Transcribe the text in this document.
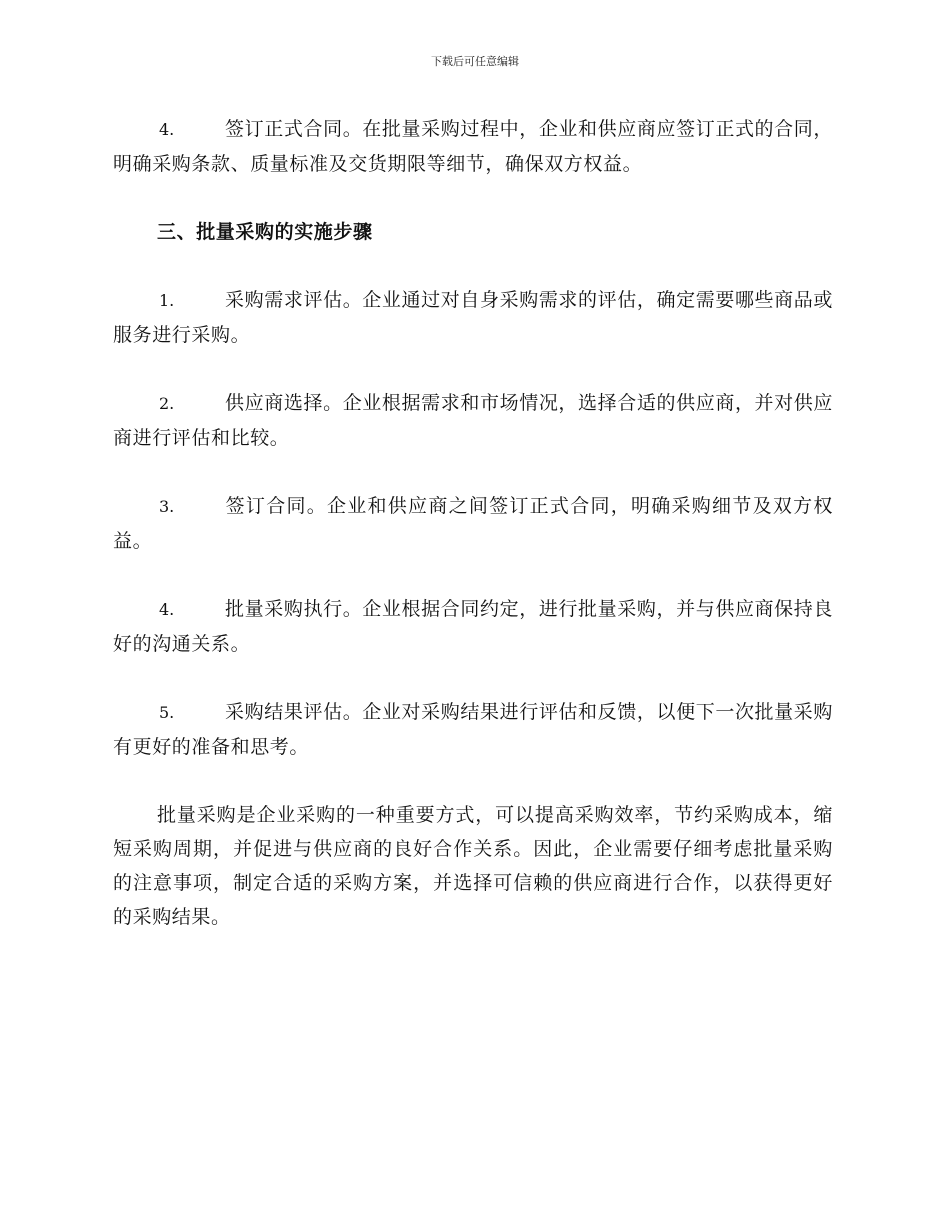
下载后可任意编辑

4.	签订正式合同。在批量采购过程中，企业和供应商应签订正式的合同，明确采购条款、质量标准及交货期限等细节，确保双方权益。

三、批量采购的实施步骤

1.	采购需求评估。企业通过对自身采购需求的评估，确定需要哪些商品或服务进行采购。

2.	供应商选择。企业根据需求和市场情况，选择合适的供应商，并对供应商进行评估和比较。

3.	签订合同。企业和供应商之间签订正式合同，明确采购细节及双方权益。

4.	批量采购执行。企业根据合同约定，进行批量采购，并与供应商保持良好的沟通关系。

5.	采购结果评估。企业对采购结果进行评估和反馈，以便下一次批量采购有更好的准备和思考。

批量采购是企业采购的一种重要方式，可以提高采购效率，节约采购成本，缩短采购周期，并促进与供应商的良好合作关系。因此，企业需要仔细考虑批量采购的注意事项，制定合适的采购方案，并选择可信赖的供应商进行合作，以获得更好的采购结果。
